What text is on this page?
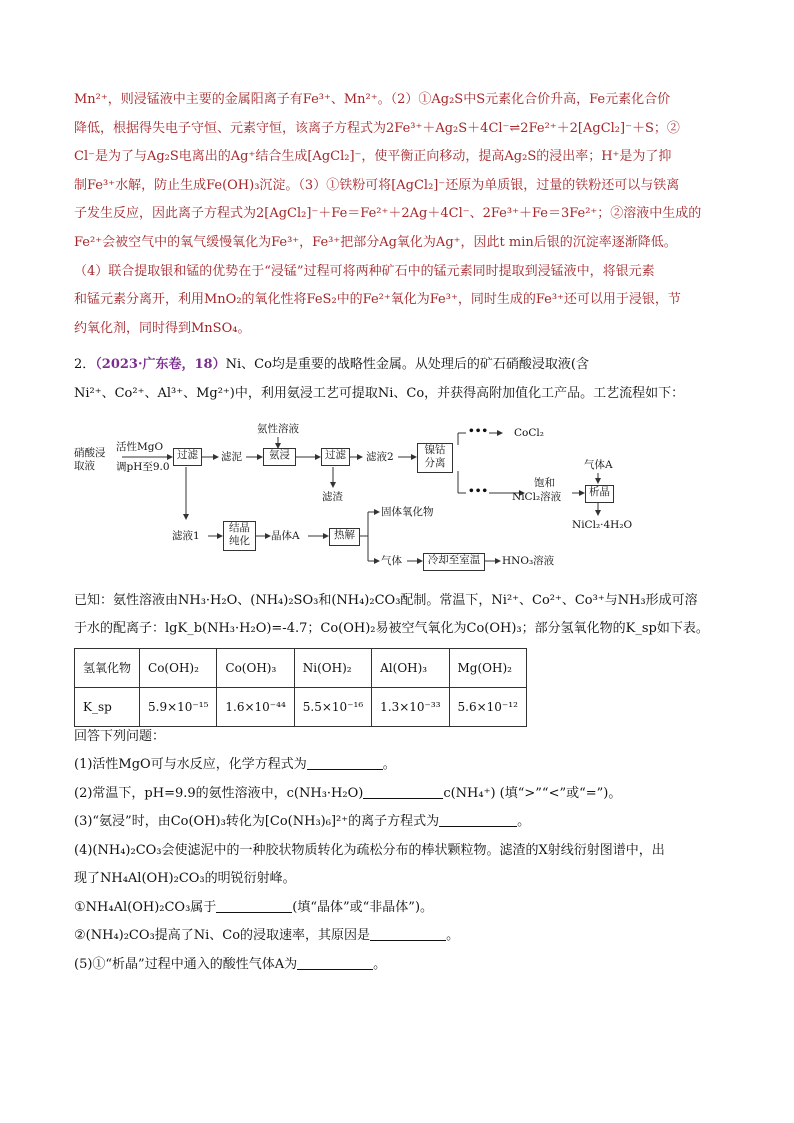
Mn²⁺，则浸锰液中主要的金属阳离子有Fe³⁺、Mn²⁺。（2）①Ag₂S中S元素化合价升高，Fe元素化合价

降低，根据得失电子守恒、元素守恒，该离子方程式为2Fe³⁺＋Ag₂S＋4Cl⁻⇌2Fe²⁺＋2[AgCl₂]⁻＋S；②

Cl⁻是为了与Ag₂S电离出的Ag⁺结合生成[AgCl₂]⁻，使平衡正向移动，提高Ag₂S的浸出率；H⁺是为了抑

制Fe³⁺水解，防止生成Fe(OH)₃沉淀。（3）①铁粉可将[AgCl₂]⁻还原为单质银，过量的铁粉还可以与铁离

子发生反应，因此离子方程式为2[AgCl₂]⁻＋Fe＝Fe²⁺＋2Ag＋4Cl⁻、2Fe³⁺＋Fe＝3Fe²⁺；②溶液中生成的

Fe²⁺会被空气中的氧气缓慢氧化为Fe³⁺，Fe³⁺把部分Ag氧化为Ag⁺，因此t min后银的沉淀率逐渐降低。

（4）联合提取银和锰的优势在于“浸锰”过程可将两种矿石中的锰元素同时提取到浸锰液中，将银元素

和锰元素分离开，利用MnO₂的氧化性将FeS₂中的Fe²⁺氧化为Fe³⁺，同时生成的Fe³⁺还可以用于浸银，节

约氧化剂，同时得到MnSO₄。

2．（2023·广东卷，18）Ni、Co均是重要的战略性金属。从处理后的矿石硝酸浸取液(含

Ni²⁺、Co²⁺、Al³⁺、Mg²⁺)中，利用氨浸工艺可提取Ni、Co，并获得高附加值化工产品。工艺流程如下：

硝酸浸
取液
活性MgO
调pH至9.0
过滤	滤泥
氨性溶液
氨浸	过滤
滤渣
滤液2
镍钴
分离
••• CoCl₂
•••
饱和
NiCl₂溶液
气体A
析晶
NiCl₂·4H₂O
滤液1
结晶
纯化	晶体A	热解
固体氧化物
气体	冷却至室温	HNO₃溶液

已知：氨性溶液由NH₃·H₂O、(NH₄)₂SO₃和(NH₄)₂CO₃配制。常温下，Ni²⁺、Co²⁺、Co³⁺与NH₃形成可溶

于水的配离子：lgK_b(NH₃·H₂O)=-4.7；Co(OH)₂易被空气氧化为Co(OH)₃；部分氢氧化物的K_sp如下表。

氢氧化物	Co(OH)₂	Co(OH)₃	Ni(OH)₂	Al(OH)₃	Mg(OH)₂
K_sp	5.9×10⁻¹⁵	1.6×10⁻⁴⁴	5.5×10⁻¹⁶	1.3×10⁻³³	5.6×10⁻¹²

回答下列问题：

(1)活性MgO可与水反应，化学方程式为	。

(2)常温下，pH=9.9的氨性溶液中，c(NH₃·H₂O)	c(NH₄⁺) (填“>”“<”或“=”)。

(3)“氨浸”时，由Co(OH)₃转化为[Co(NH₃)₆]²⁺的离子方程式为	。

(4)(NH₄)₂CO₃会使滤泥中的一种胶状物质转化为疏松分布的棒状颗粒物。滤渣的X射线衍射图谱中，出

现了NH₄Al(OH)₂CO₃的明锐衍射峰。

①NH₄Al(OH)₂CO₃属于	(填“晶体”或“非晶体”)。

②(NH₄)₂CO₃提高了Ni、Co的浸取速率，其原因是	。

(5)①“析晶”过程中通入的酸性气体A为	。
